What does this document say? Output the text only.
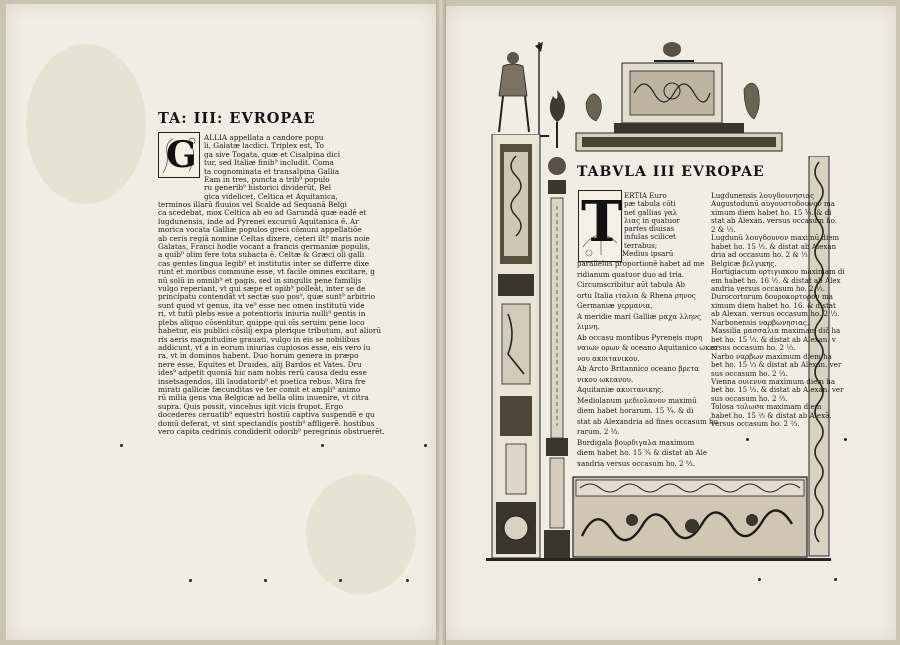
TA: III: EVROPAE
G ALLIA appellata a candore popu
li, Galatæ lacdici. Triplex est, To
ga sive Togata, quæ et Cisalpina dici
tur, sed Italiæ finib⁹ includit. Coma
ta cognominata et transalpina Gallia
Eam in tres, puncta a trib⁹ populo
ru generib⁹ historici dividerūt, Bel
gica videlicet, Celtica et Aquitanica,
terminos illarū fluuios vel Scalde ad Sequanā Belgi
ca scedebat, mox Celtica ab eo ad Garundā quæ eadē et
lugdunensis, inde ad Pyrenei excursū Aquitanica ē. Ar
morica vocata Galliæ populos greci cōmuni appellatiōe
ab ceris regiā nomine Celtas dixere, ceteri ilt⁹ maris noie
Galatas, Franci hodie vocant a francis germaniæ populis,
a quib⁹ olim fere tota subacta ē. Celtæ & Græci oli galli
cas gentes lingua legib⁹ et institutis inter se differre dixe
runt et moribus commune esse, vt facile omnes excitare, g
nū solū in omnib⁹ et pagis, sed in singulis pene familijs
vulgo reperiant, vt qui sæpe et opib⁹ polleāt, inter se de
principatu contendāt vt sectæ suo pos⁹, quæ sunt⁹ arbitrio
sunt quod vt genus, ita ve⁹ esse nec omen institutū vide
ri, vt tutū plebs esse a potentioris iniuria nulli⁹ gentis in
plebs aliquo cōsentitur, quippe qui oīs seruim pene loco
habetur, eis publici cōsilij expa plerique tributum, aut aliorū
ris aeris magnitudine grauati, vulgo in eis se nobilibus
addicunt, vt a in eorum iniurias cupiosos esse, eis vero iu
ra, vt in dominos habent. Duo horum genera in præpo
nere esse, Equites et Druides, alij Bardos et Vates. Dru
ides⁹ adpetit quoniā hic nam nobis rerū causa dedu esse
insetsagendos, illi laudatorib⁹ et poetica rebus. Mira fre
mirati gallicæ fæcunditas ve ter comit et ampli⁹ animo
rū milia gens vna Belgicæ ad bella olim inuenire, vt citra
supra. Quis possit, vincebus igit vicis frupot. Ergo
docederes ceruatib⁹ equestri hostiū captiva suspendē e qu
domū deferat, vt sint spectandis postib⁹ affligerē. hostibus
vero capita cedrinis condiderit odorib⁹ peregrinis obstruerēt.
TABVLA III EVROPAE
T ERTIA Euro
pæ tabula cōti
net gallias γαλ
λιας in quatuor
partes diuisas
infulas scilicet
terrabus;
Medius ipsarū
parallelus proportionē habet ad me
ridianum quatuor duo ad tria.
Circumscribitur aūt tabula Ab
ortu Italia ιταλια & Rhena ρηνος
Germaniæ γερμανια,
A meridie mari Galliæ μαχα λληνς
λιμνη.
Ab occasu montibus Pyrenęis πυρη
ναιων ορων & oceano Aquitanico ωκεα
νου ακυιτανικου.
Ab Arcto Britannico oceano βρετα
νικου ωκεανου.
Aquitaniæ ακυιτανικης.
Mediolanum μεδιολανον maximū
diem habet horarum. 15 ¾. & di
stat ab Alexandria ad fines occasum ho
rarum. 2 ⅔.
Burdigala βουρδιγαλα maximum
diem habet ho. 15 ¾ & distat ab Ale
xandria versus occasum ho. 2 ⅔.
Lugdunensis λουγδουνησιας
Augustodunū αυγουστοδουνον ma
ximum diem habet ho. 15 ¾. & di
stat ab Alexan. versus occasum ho.
2 & ⅓.
Lugdunū λουγδουνον maximū diem
habet ho. 15 ½. & distat ab Alexan
dria ad occasum ho. 2 & ⅓.
Belgicæ βελγικης.
Hortigiacum ορτιγιακον maximam di
em habet ho. 16 ½. & distat ab Alex
andria versus occasum ho. 2 ⅓.
Durocortorum δουροκορτορον ma
ximum diem habet ho. 16. & distat
ab Alexan. versus occasum ho. 2 ⅓.
Narbonensis ναρβωνησιας.
Massilia μασσαλια maximam dič ha
bet ho. 15 ⅓. & distat ab Alexan. v
ersus occasum ho. 2 ⅓.
Narbo ναρβων maximum diem ha
bet ho. 15 ⅓ & distat ab Alexan. ver
sus occasum ho. 2 ⅔.
Vienna ουιεννα maximum diem ha
bet ho. 15 ⅓. & distat ab Alexan. ver
sus occasum ho. 2 ⅔.
Tolosa τολωσα maximam diem
habet ho. 15 ⅔ & distat ab Alexā.
versus occasum ho. 2 ⅔.
